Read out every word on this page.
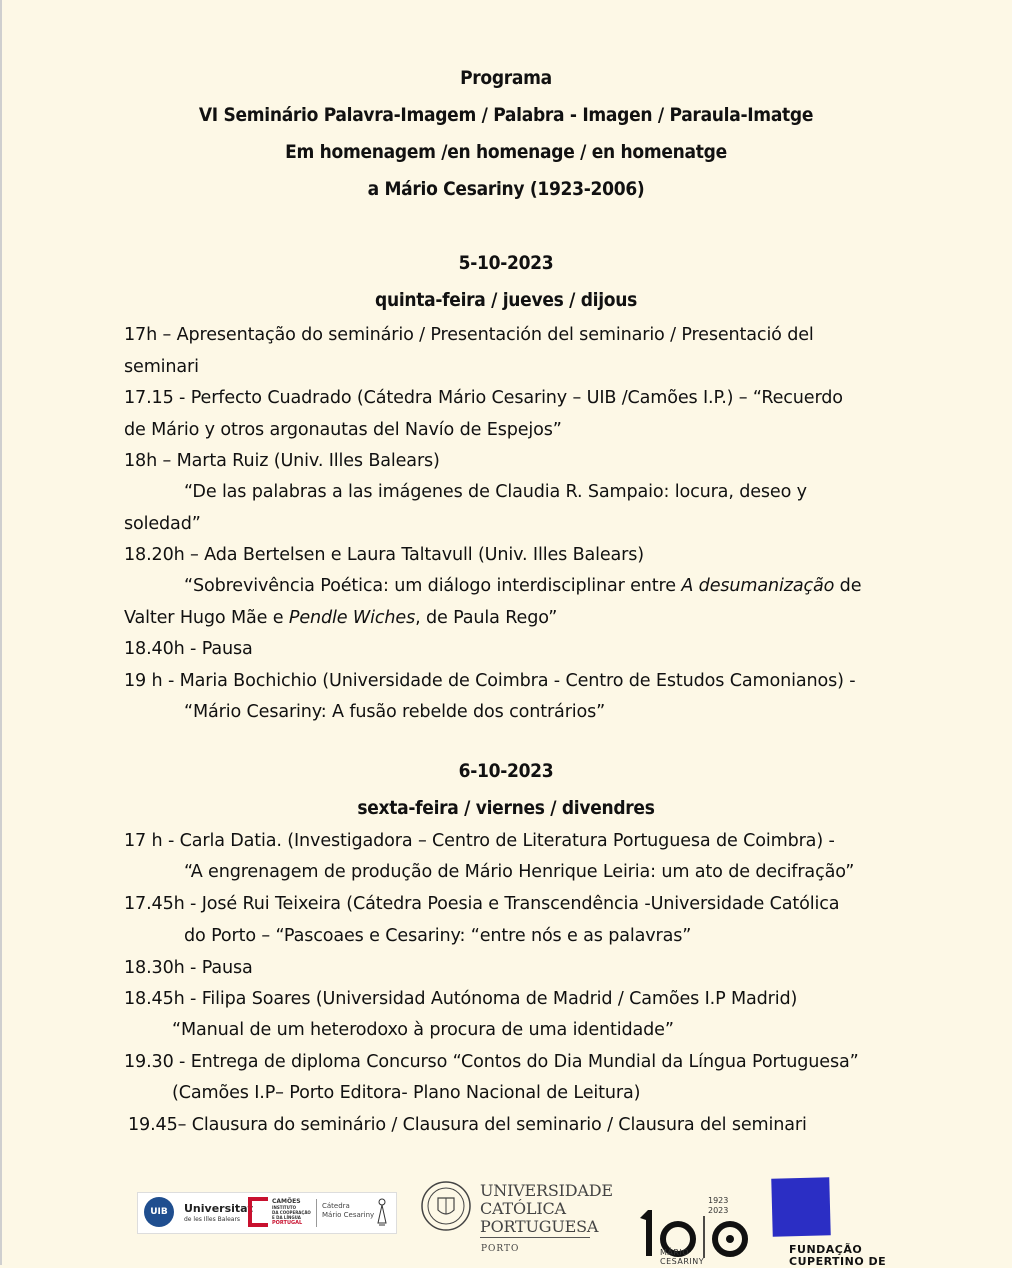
Programa
VI Seminário Palavra-Imagem / Palabra - Imagen / Paraula-Imatge
Em homenagem /en homenage / en homenatge
a Mário Cesariny (1923-2006)
5-10-2023
quinta-feira / jueves / dijous
17h – Apresentação do seminário / Presentación del seminario / Presentació del
seminari
17.15 - Perfecto Cuadrado (Cátedra Mário Cesariny – UIB /Camões I.P.) – “Recuerdo
de Mário y otros argonautas del Navío de Espejos”
18h – Marta Ruiz (Univ. Illes Balears)
“De las palabras a las imágenes de Claudia R. Sampaio: locura, deseo y
soledad”
18.20h – Ada Bertelsen e Laura Taltavull (Univ. Illes Balears)
“Sobrevivência Poética: um diálogo interdisciplinar entre A desumanização de
Valter Hugo Mãe e Pendle Wiches, de Paula Rego”
18.40h - Pausa
19 h - Maria Bochichio (Universidade de Coimbra - Centro de Estudos Camonianos) -
“Mário Cesariny: A fusão rebelde dos contrários”
6-10-2023
sexta-feira / viernes / divendres
17 h - Carla Datia. (Investigadora – Centro de Literatura Portuguesa de Coimbra) -
“A engrenagem de produção de Mário Henrique Leiria: um ato de decifração”
17.45h - José Rui Teixeira (Cátedra Poesia e Transcendência -Universidade Católica
do Porto – “Pascoaes e Cesariny: “entre nós e as palavras”
18.30h - Pausa
18.45h - Filipa Soares (Universidad Autónoma de Madrid / Camões I.P Madrid)
“Manual de um heterodoxo à procura de uma identidade”
19.30 - Entrega de diploma Concurso “Contos do Dia Mundial da Língua Portuguesa”
(Camões I.P– Porto Editora- Plano Nacional de Leitura)
19.45– Clausura do seminário / Clausura del seminario / Clausura del seminari
UIB	Universitat
de les Illes Balears
CAMÕES
INSTITUTO
DA COOPERAÇÃO
E DA LÍNGUA
PORTUGAL
Cátedra
Mário Cesariny
UNIVERSIDADE
CATÓLICA
PORTUGUESA
PORTO
1923
2023
MÁRIO
CESARINY
FUNDAÇÃO
CUPERTINO DE
